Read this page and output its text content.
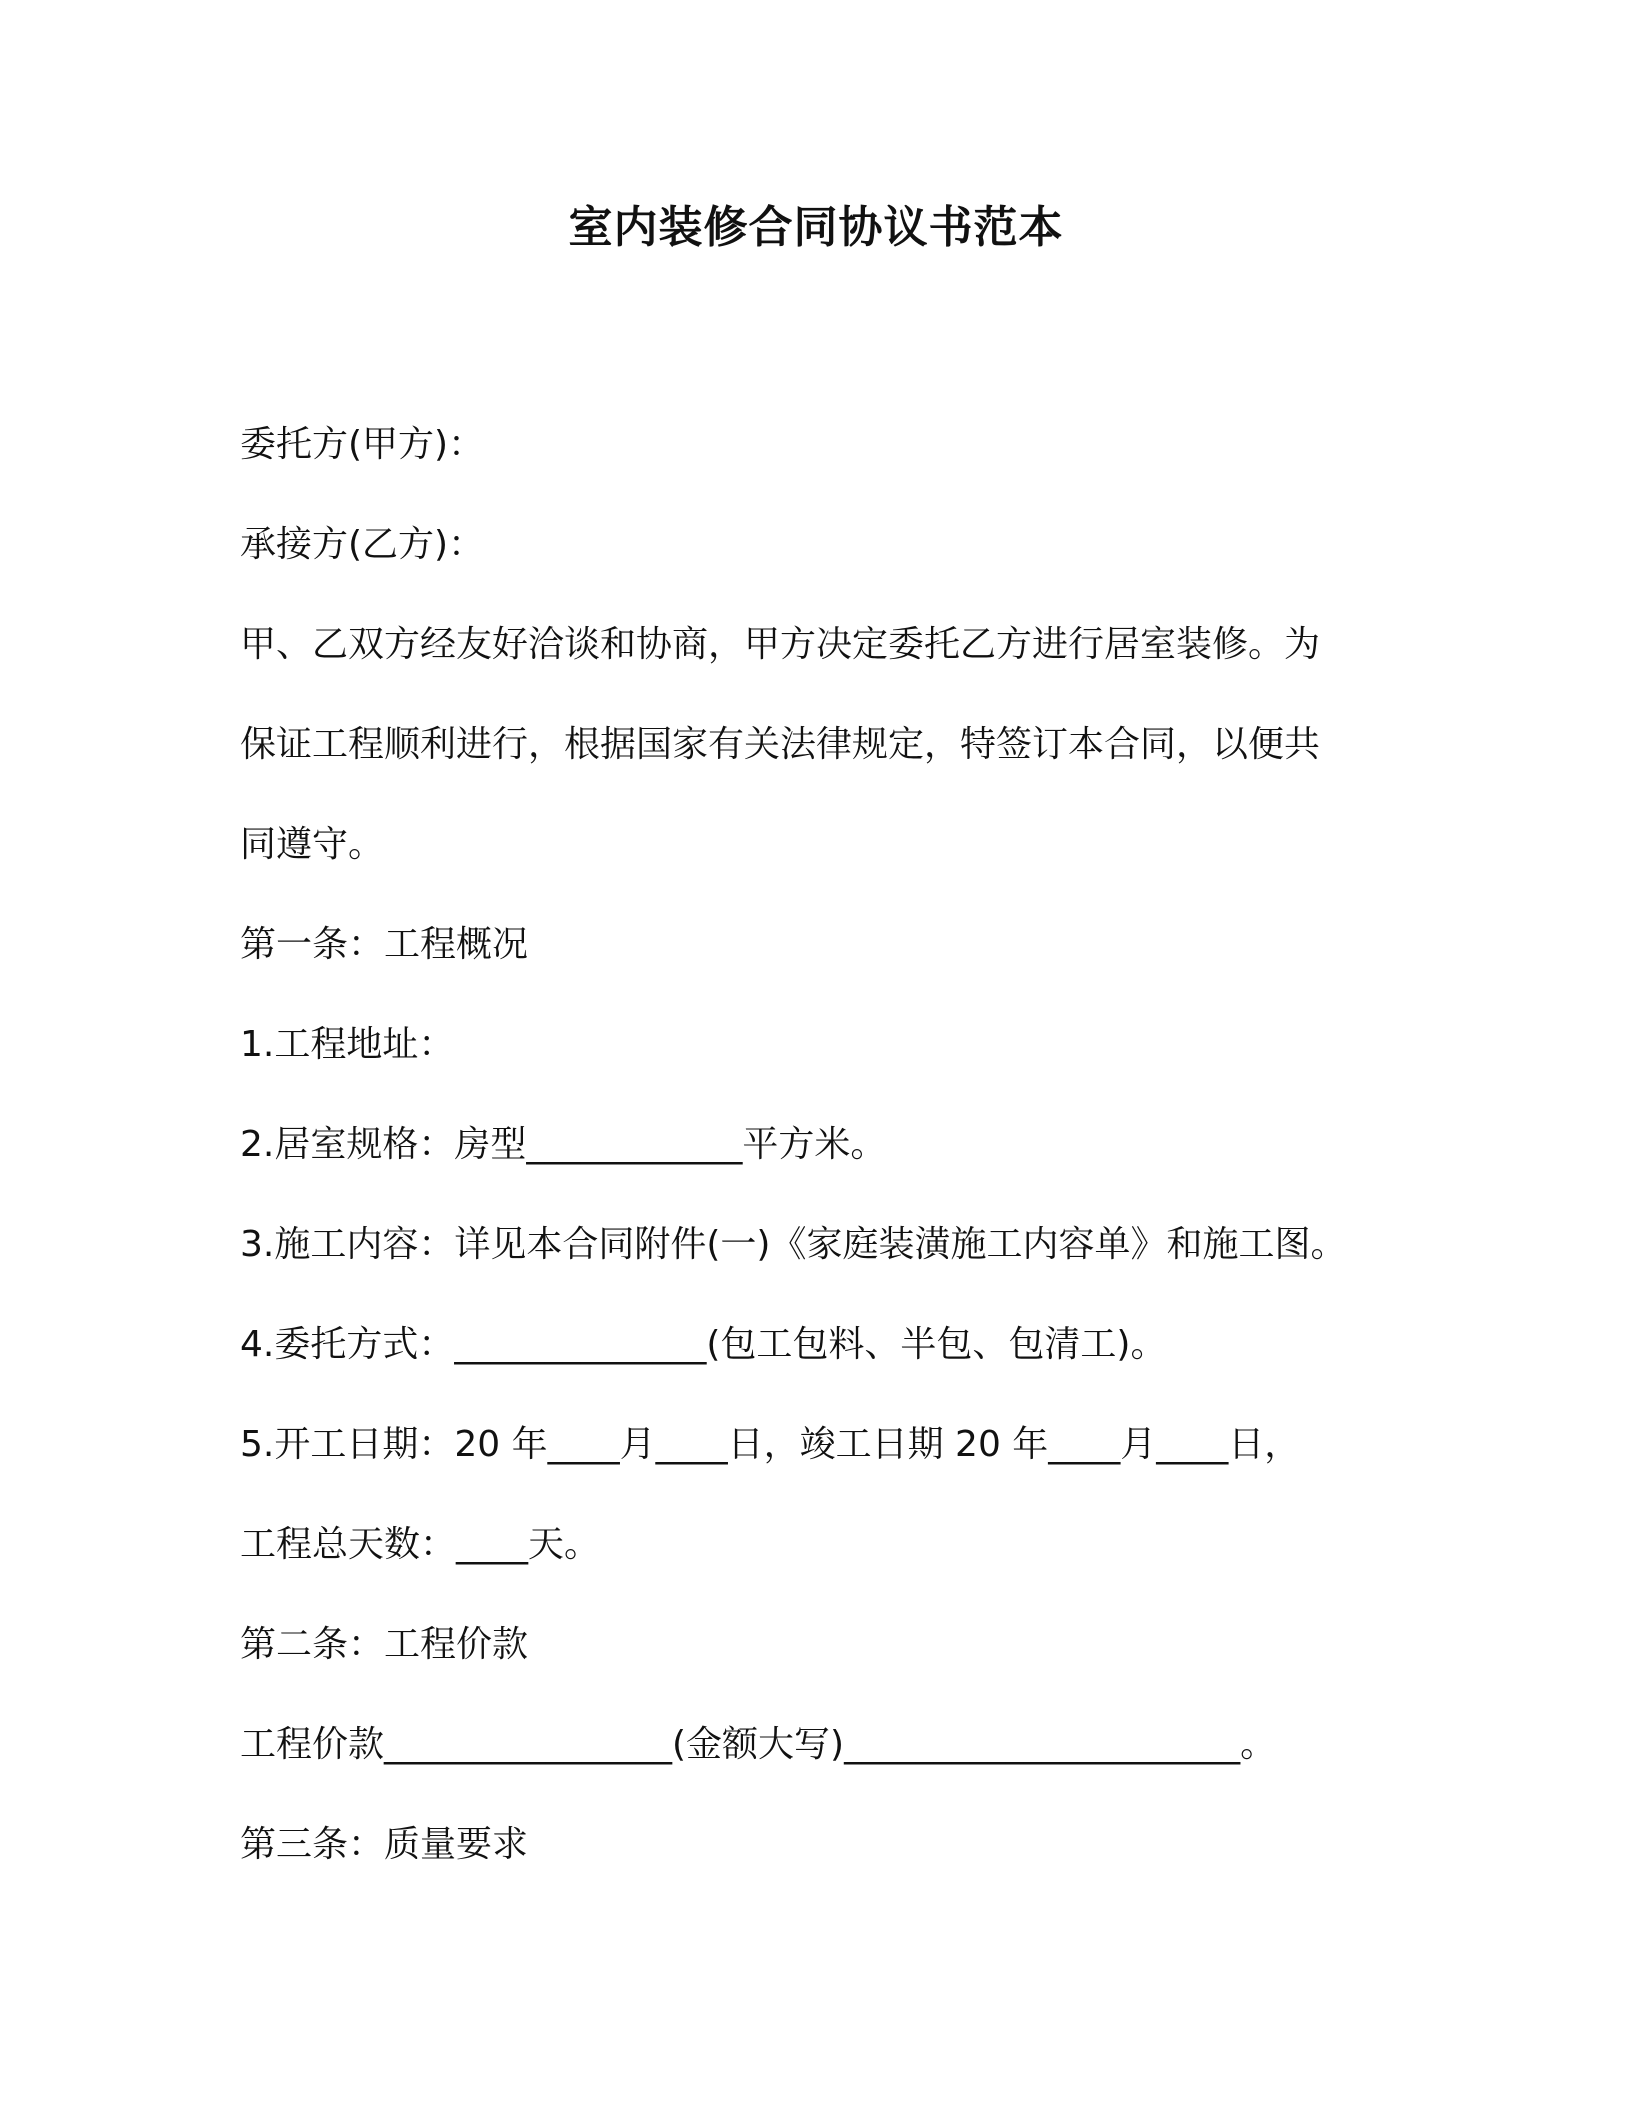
室内装修合同协议书范本
委托方(甲方)：
承接方(乙方)：
甲、乙双方经友好洽谈和协商，甲方决定委托乙方进行居室装修。为
保证工程顺利进行，根据国家有关法律规定，特签订本合同，以便共
同遵守。
第一条：工程概况
1.工程地址：
2.居室规格：房型____________平方米。
3.施工内容：详见本合同附件(一)《家庭装潢施工内容单》和施工图。
4.委托方式：______________(包工包料、半包、包清工)。
5.开工日期：20 年____月____日，竣工日期 20 年____月____日，
工程总天数：____天。
第二条：工程价款
工程价款________________(金额大写)______________________。
第三条：质量要求
